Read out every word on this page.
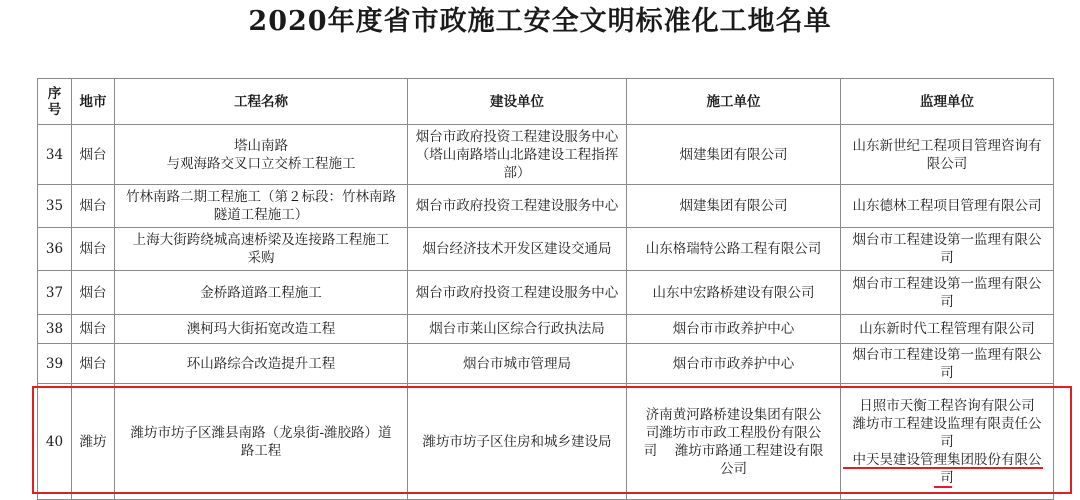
2020年度省市政施工安全文明标准化工地名单
序
号	地市	工程名称	建设单位	施工单位	监理单位
34	烟台	塔山南路
与观海路交叉口立交桥工程施工	烟台市政府投资工程建设服务中心
（塔山南路塔山北路建设工程指挥
部）	烟建集团有限公司	山东新世纪工程项目管理咨询有
限公司

35	烟台	竹林南路二期工程施工（第２标段：竹林南路
隧道工程施工）	烟台市政府投资工程建设服务中心	烟建集团有限公司	山东德林工程项目管理有限公司

36	烟台	上海大街跨绕城高速桥梁及连接路工程施工
采购	烟台经济技术开发区建设交通局	山东格瑞特公路工程有限公司	烟台市工程建设第一监理有限公
司

37	烟台	金桥路道路工程施工	烟台市政府投资工程建设服务中心	山东中宏路桥建设有限公司	烟台市工程建设第一监理有限公
司

38	烟台	澳柯玛大街拓宽改造工程	烟台市莱山区综合行政执法局	烟台市市政养护中心	山东新时代工程管理有限公司

39	烟台	环山路综合改造提升工程	烟台市城市管理局	烟台市市政养护中心	烟台市工程建设第一监理有限公
司

40	潍坊	潍坊市坊子区潍县南路（龙泉街-潍胶路）道
路工程	潍坊市坊子区住房和城乡建设局	济南黄河路桥建设集团有限公
司潍坊市市政工程股份有限公
司　 潍坊市路通工程建设有限
公司	日照市天衡工程咨询有限公司
潍坊市工程建设监理有限责任公
司
中天昊建设管理集团股份有限公
司
